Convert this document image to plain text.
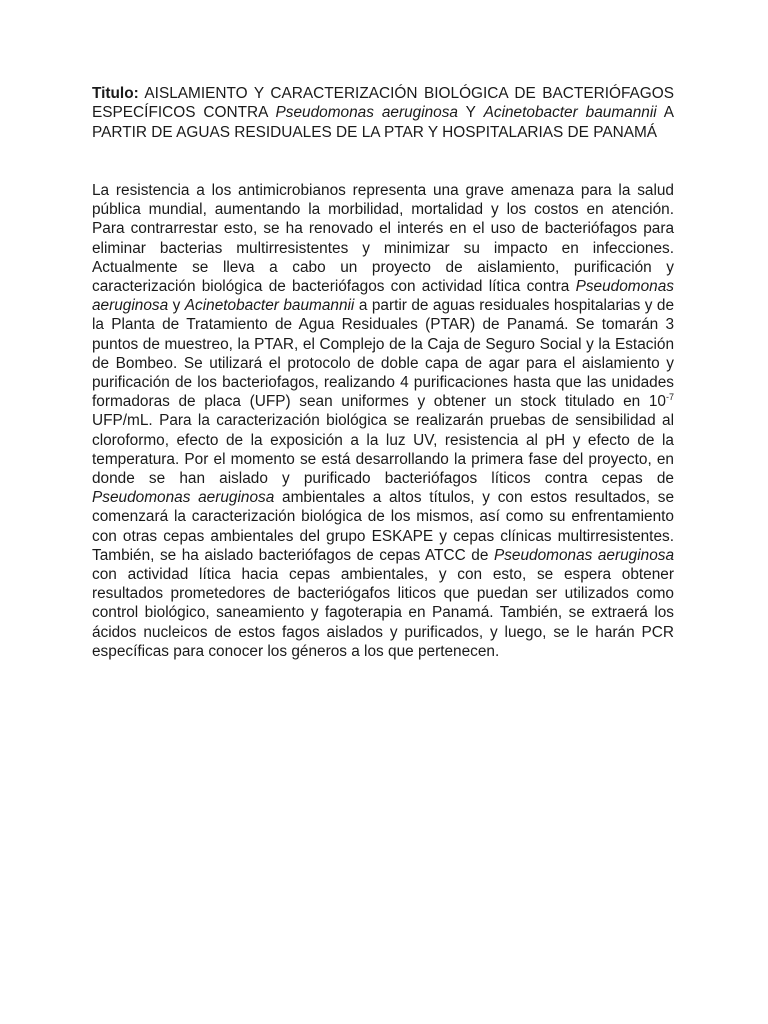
Titulo: AISLAMIENTO Y CARACTERIZACIÓN BIOLÓGICA DE BACTERIÓFAGOS ESPECÍFICOS CONTRA Pseudomonas aeruginosa Y Acinetobacter baumannii A PARTIR DE AGUAS RESIDUALES DE LA PTAR Y HOSPITALARIAS DE PANAMÁ

La resistencia a los antimicrobianos representa una grave amenaza para la salud pública mundial, aumentando la morbilidad, mortalidad y los costos en atención. Para contrarrestar esto, se ha renovado el interés en el uso de bacteriófagos para eliminar bacterias multirresistentes y minimizar su impacto en infecciones. Actualmente se lleva a cabo un proyecto de aislamiento, purificación y caracterización biológica de bacteriófagos con actividad lítica contra Pseudomonas aeruginosa y Acinetobacter baumannii a partir de aguas residuales hospitalarias y de la Planta de Tratamiento de Agua Residuales (PTAR) de Panamá. Se tomarán 3 puntos de muestreo, la PTAR, el Complejo de la Caja de Seguro Social y la Estación de Bombeo. Se utilizará el protocolo de doble capa de agar para el aislamiento y purificación de los bacteriofagos, realizando 4 purificaciones hasta que las unidades formadoras de placa (UFP) sean uniformes y obtener un stock titulado en $10^{-7}$ UFP/mL. Para la caracterización biológica se realizarán pruebas de sensibilidad al cloroformo, efecto de la exposición a la luz UV, resistencia al pH y efecto de la temperatura. Por el momento se está desarrollando la primera fase del proyecto, en donde se han aislado y purificado bacteriófagos líticos contra cepas de Pseudomonas aeruginosa ambientales a altos títulos, y con estos resultados, se comenzará la caracterización biológica de los mismos, así como su enfrentamiento con otras cepas ambientales del grupo ESKAPE y cepas clínicas multirresistentes. También, se ha aislado bacteriófagos de cepas ATCC de Pseudomonas aeruginosa con actividad lítica hacia cepas ambientales, y con esto, se espera obtener resultados prometedores de bacteriógafos liticos que puedan ser utilizados como control biológico, saneamiento y fagoterapia en Panamá. También, se extraerá los ácidos nucleicos de estos fagos aislados y purificados, y luego, se le harán PCR específicas para conocer los géneros a los que pertenecen.
